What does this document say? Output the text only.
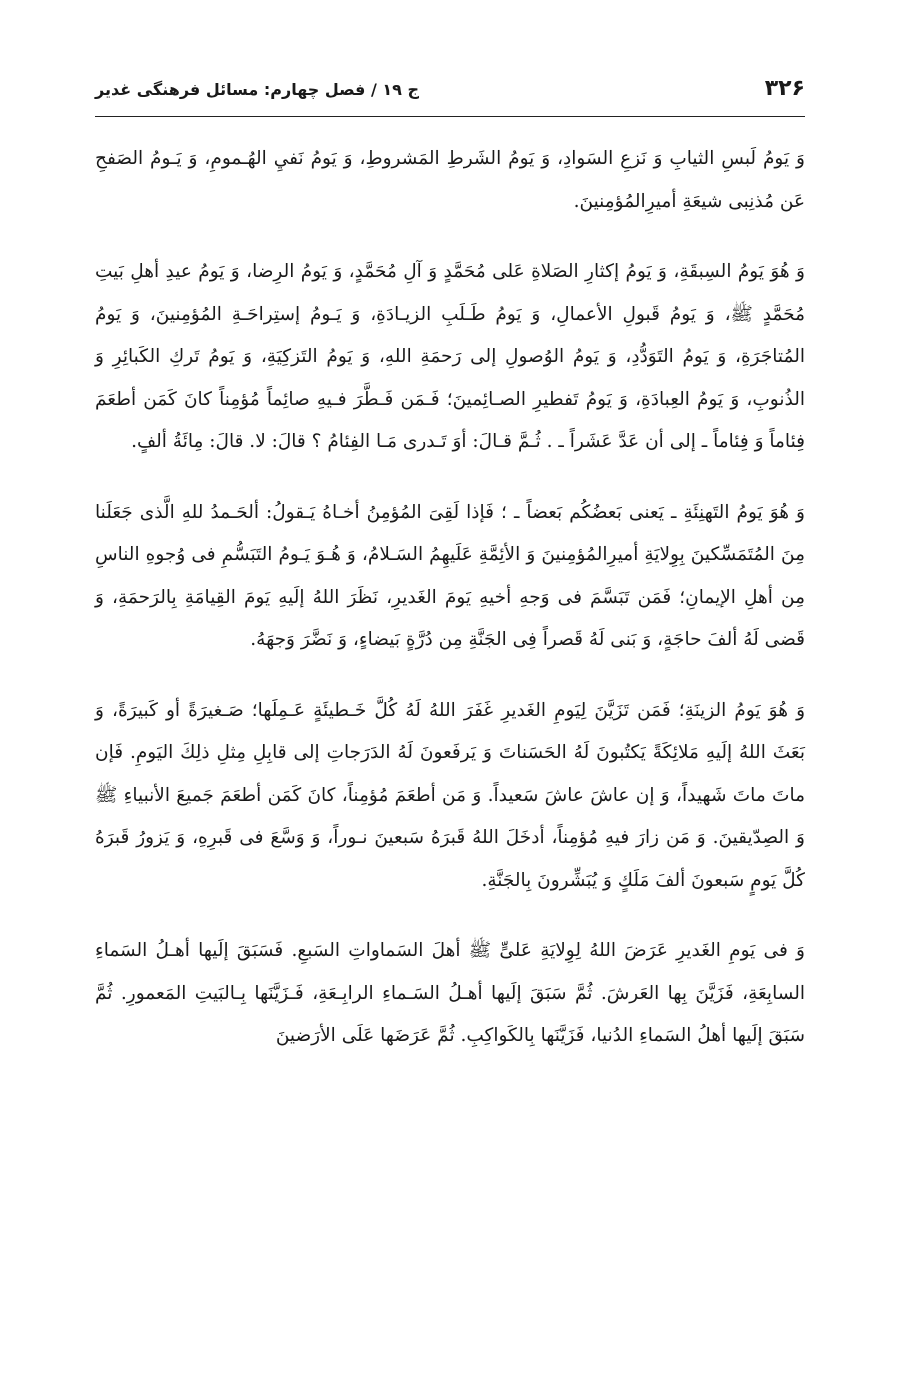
۳۲۶
ج ۱۹ / فصل چهارم: مسائل فرهنگی غدیر

وَ يَومُ لَبسِ الثيابِ وَ نَزعِ السَوادِ، وَ يَومُ الشَرطِ المَشروطِ، وَ يَومُ نَفيِ الهُـمومِ، وَ يَـومُ الصَفحِ عَن مُذنِبى شيعَةِ أميرِالمُؤمِنينَ.

وَ هُوَ يَومُ السِبقَةِ، وَ يَومُ إكثارِ الصَلاةِ عَلى مُحَمَّدٍ وَ آلِ مُحَمَّدٍ، وَ يَومُ الرِضا، وَ يَومُ عيدِ أهلِ بَيتِ مُحَمَّدٍ ﷺ، وَ يَومُ قَبولِ الأعمالِ، وَ يَومُ طَـلَبِ الزيـادَةِ، وَ يَـومُ إستِراحَـةِ المُؤمِنينَ، وَ يَومُ المُتاجَرَةِ، وَ يَومُ التَوَدُّدِ، وَ يَومُ الوُصولِ إلى رَحمَةِ اللهِ، وَ يَومُ التَزكِيَةِ، وَ يَومُ تَركِ الكَبائِرِ وَ الذُنوبِ، وَ يَومُ العِبادَةِ، وَ يَومُ تَفطيرِ الصـائِمينَ؛ فَـمَن فَـطَّرَ فـيهِ صائِماً مُؤمِناً كانَ كَمَن أطعَمَ فِئاماً وَ فِئاماً ـ إلى أن عَدَّ عَشَراً ـ . ثُـمَّ قـالَ: أوَ تَـدرى مَـا الفِئامُ ؟ قالَ: لا. قالَ: مِائَةُ ألفٍ.

وَ هُوَ يَومُ التَهنِئَةِ ـ يَعنى بَعضُكُم بَعضاً ـ ؛ فَإذا لَقِىَ المُؤمِنُ أخـاهُ يَـقولُ: ألحَـمدُ للهِ الَّذى جَعَلَنا مِنَ المُتَمَسِّكينَ بِوِلايَةِ أميرِالمُؤمِنينَ وَ الأئِمَّةِ عَلَيهِمُ السَـلامُ، وَ هُـوَ يَـومُ التَبَسُّمِ فى وُجوهِ الناسِ مِن أهلِ الإيمانِ؛ فَمَن تَبَسَّمَ فى وَجهِ أخيهِ يَومَ الغَديرِ، نَظَرَ اللهُ إلَيهِ يَومَ القِيامَةِ بِالرَحمَةِ، وَ قَضى لَهُ ألفَ حاجَةٍ، وَ بَنى لَهُ قَصراً فِى الجَنَّةِ مِن دُرَّةٍ بَيضاءٍ، وَ نَضَّرَ وَجهَهُ.

وَ هُوَ يَومُ الزينَةِ؛ فَمَن تَزَيَّنَ لِيَومِ الغَديرِ غَفَرَ اللهُ لَهُ كُلَّ خَـطيئَةٍ عَـمِلَها؛ صَـغيرَةً أو كَبيرَةً، وَ بَعَثَ اللهُ إلَيهِ مَلائِكَةً يَكتُبونَ لَهُ الحَسَناتَ وَ يَرفَعونَ لَهُ الدَرَجاتِ إلى قابِلِ مِثلِ ذلِكَ اليَومِ. فَإن ماتَ ماتَ شَهيداً، وَ إن عاشَ عاشَ سَعيداً. وَ مَن أطعَمَ مُؤمِناً، كانَ كَمَن أطعَمَ جَميعَ الأنبياءِ ﷺ وَ الصِدّيقينَ. وَ مَن زارَ فيهِ مُؤمِناً، أدخَلَ اللهُ قَبرَهُ سَبعينَ نـوراً، وَ وَسَّعَ فى قَبرِهِ، وَ يَزورُ قَبرَهُ كُلَّ يَومٍ سَبعونَ ألفَ مَلَكٍ وَ يُبَشِّرونَ بِالجَنَّةِ.

وَ فى يَومِ الغَديرِ عَرَضَ اللهُ لِوِلايَةِ عَلىٍّ ﷺ أهلَ السَماواتِ السَبعِ. فَسَبَقَ إلَيها أهـلُ السَماءِ السابِعَةِ، فَزَيَّنَ بِها العَرشَ. ثُمَّ سَبَقَ إلَيها أهـلُ السَـماءِ الرابِـعَةِ، فَـزَيَّنَها بِـالبَيتِ المَعمورِ. ثُمَّ سَبَقَ إلَيها أهلُ السَماءِ الدُنيا، فَزَيَّنَها بِالكَواكِبِ. ثُمَّ عَرَضَها عَلَى الأرَضينَ
